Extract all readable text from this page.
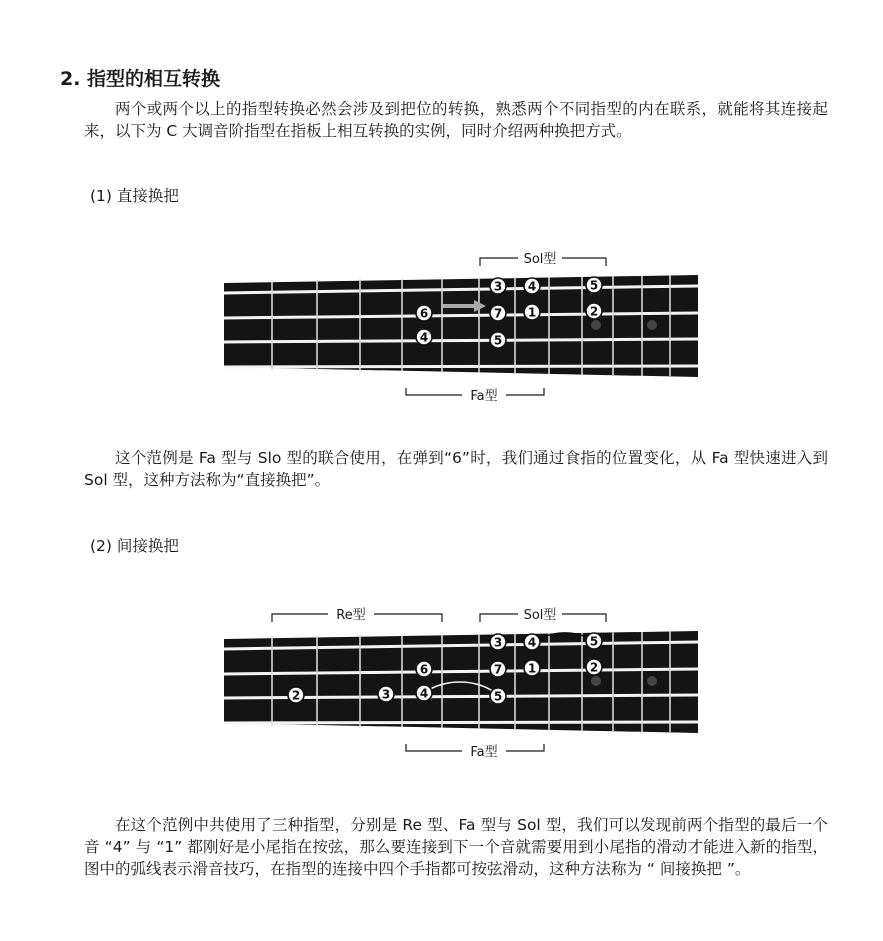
2. 指型的相互转换

两个或两个以上的指型转换必然会涉及到把位的转换，熟悉两个不同指型的内在联系，就能将其连接起来，以下为 C 大调音阶指型在指板上相互转换的实例，同时介绍两种换把方式。

(1) 直接换把

Sol型
6
4
3
7
5
4
1
5
2
Fa型

这个范例是 Fa 型与 Slo 型的联合使用，在弹到“6”时，我们通过食指的位置变化，从 Fa 型快速进入到 Sol 型，这种方法称为“直接换把”。

(2) 间接换把

Re型	Sol型
2	3
6
4
3
7
5
4
1
5
2
Fa型

在这个范例中共使用了三种指型，分别是 Re 型、Fa 型与 Sol 型，我们可以发现前两个指型的最后一个音 “4” 与 “1” 都刚好是小尾指在按弦，那么要连接到下一个音就需要用到小尾指的滑动才能进入新的指型，图中的弧线表示滑音技巧，在指型的连接中四个手指都可按弦滑动，这种方法称为 “ 间接换把 ”。
